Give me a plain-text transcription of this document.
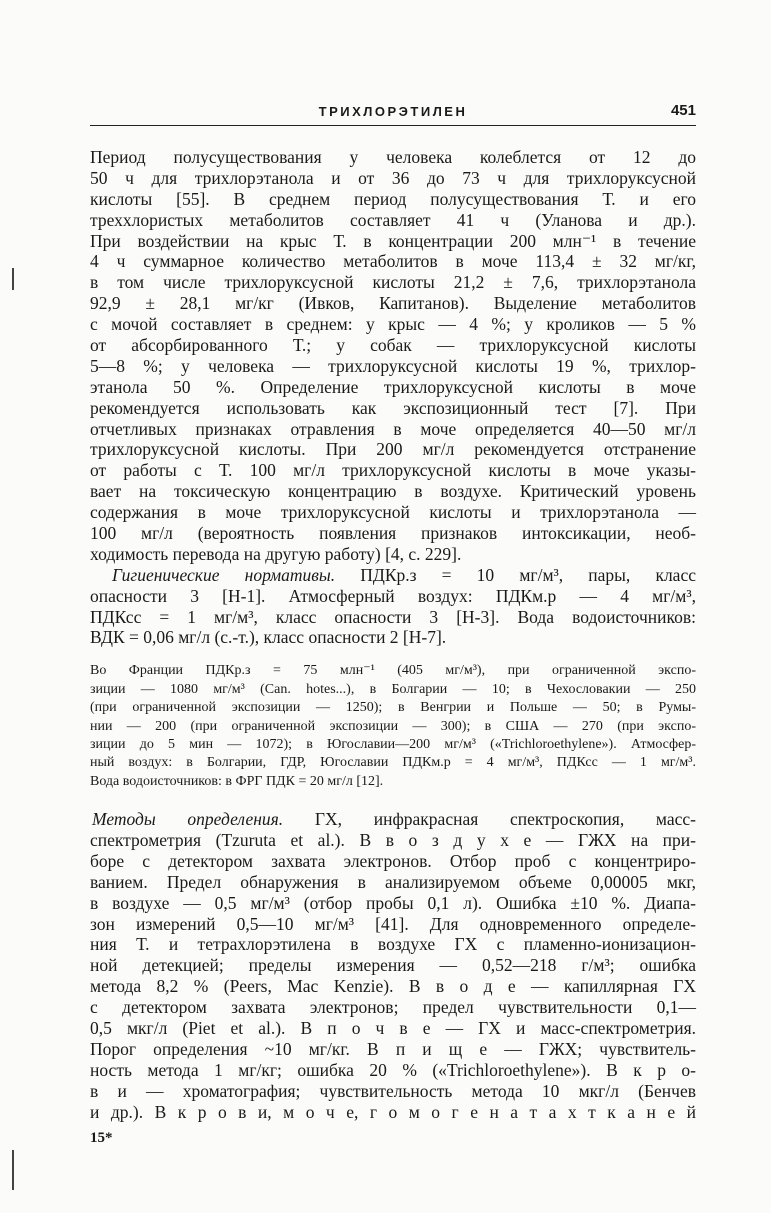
ТРИХЛОРЭТИЛЕН	451
Период полусуществования у человека колеблется от 12 до
50 ч для трихлорэтанола и от 36 до 73 ч для трихлоруксусной
кислоты [55]. В среднем период полусуществования Т. и его
треххлористых метаболитов составляет 41 ч (Уланова и др.).
При воздействии на крыс Т. в концентрации 200 млн⁻¹ в течение
4 ч суммарное количество метаболитов в моче 113,4 ± 32 мг/кг,
в том числе трихлоруксусной кислоты 21,2 ± 7,6, трихлорэтанола
92,9 ± 28,1 мг/кг (Ивков, Капитанов). Выделение метаболитов
с мочой составляет в среднем: у крыс — 4 %; у кроликов — 5 %
от абсорбированного Т.; у собак — трихлоруксусной кислоты
5—8 %; у человека — трихлоруксусной кислоты 19 %, трихлор-
этанола 50 %. Определение трихлоруксусной кислоты в моче
рекомендуется использовать как экспозиционный тест [7]. При
отчетливых признаках отравления в моче определяется 40—50 мг/л
трихлоруксусной кислоты. При 200 мг/л рекомендуется отстранение
от работы с Т. 100 мг/л трихлоруксусной кислоты в моче указы-
вает на токсическую концентрацию в воздухе. Критический уровень
содержания в моче трихлоруксусной кислоты и трихлорэтанола —
100 мг/л (вероятность появления признаков интоксикации, необ-
ходимость перевода на другую работу) [4, с. 229].
Гигиенические нормативы. ПДКр.з = 10 мг/м³, пары, класс
опасности 3 [Н-1]. Атмосферный воздух: ПДКм.р — 4 мг/м³,
ПДКсс = 1 мг/м³, класс опасности 3 [Н-3]. Вода водоисточников:
ВДК = 0,06 мг/л (с.-т.), класс опасности 2 [Н-7].
Во Франции ПДКр.з = 75 млн⁻¹ (405 мг/м³), при ограниченной экспо-
зиции — 1080 мг/м³ (Can. hotes...), в Болгарии — 10; в Чехословакии — 250
(при ограниченной экспозиции — 1250); в Венгрии и Польше — 50; в Румы-
нии — 200 (при ограниченной экспозиции — 300); в США — 270 (при экспо-
зиции до 5 мин — 1072); в Югославии—200 мг/м³ («Trichloroethylene»). Атмосфер-
ный воздух: в Болгарии, ГДР, Югославии ПДКм.р = 4 мг/м³, ПДКсс — 1 мг/м³.
Вода водоисточников: в ФРГ ПДК = 20 мг/л [12].
Методы определения. ГХ, инфракрасная спектроскопия, масс-
спектрометрия (Tzuruta et al.). В в о з д у х е — ГЖХ на при-
боре с детектором захвата электронов. Отбор проб с концентриро-
ванием. Предел обнаружения в анализируемом объеме 0,00005 мкг,
в воздухе — 0,5 мг/м³ (отбор пробы 0,1 л). Ошибка ±10 %. Диапа-
зон измерений 0,5—10 мг/м³ [41]. Для одновременного определе-
ния Т. и тетрахлорэтилена в воздухе ГХ с пламенно-ионизацион-
ной детекцией; пределы измерения — 0,52—218 г/м³; ошибка
метода 8,2 % (Peers, Mac Kenzie). В в о д е — капиллярная ГХ
с детектором захвата электронов; предел чувствительности 0,1—
0,5 мкг/л (Piet et al.). В п о ч в е — ГХ и масс-спектрометрия.
Порог определения ~10 мг/кг. В п и щ е — ГЖХ; чувствитель-
ность метода 1 мг/кг; ошибка 20 % («Trichloroethylene»). В к р о-
в и — хроматография; чувствительность метода 10 мкг/л (Бенчев
и др.). В к р о в и, м о ч е, г о м о г е н а т а х т к а н е й
15*
